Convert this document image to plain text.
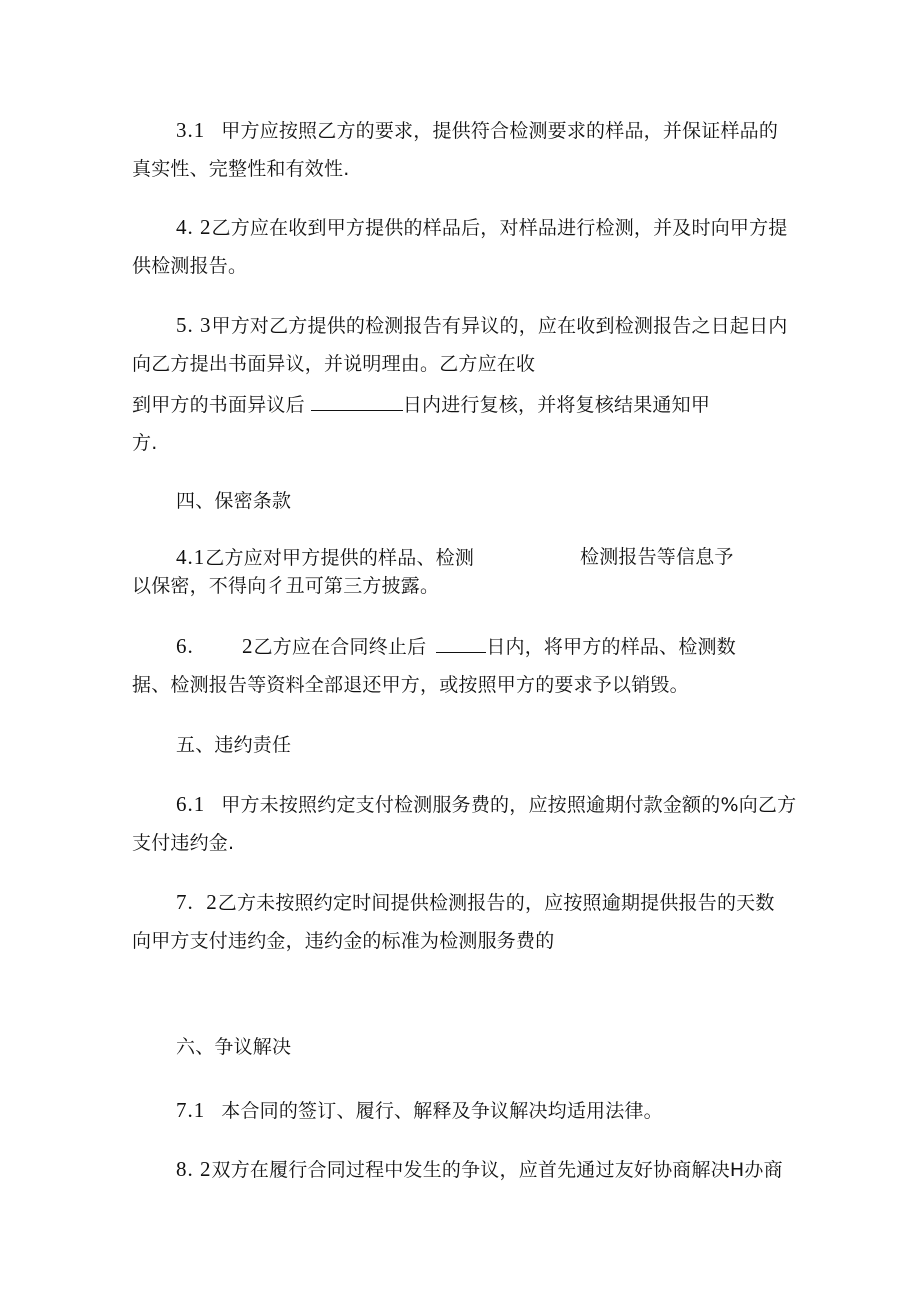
3.1 甲方应按照乙方的要求，提供符合检测要求的样品，并保证样品的
真实性、完整性和有效性.
4. 2乙方应在收到甲方提供的样品后，对样品进行检测，并及时向甲方提
供检测报告。
5. 3甲方对乙方提供的检测报告有异议的，应在收到检测报告之日起日内
向乙方提出书面异议，并说明理由。乙方应在收
到甲方的书面异议后	日内进行复核，并将复核结果通知甲
方.
四、保密条款
4.1乙方应对甲方提供的样品、检测	检测报告等信息予
以保密，不得向彳丑可第三方披露。
6. 2乙方应在合同终止后	日内，将甲方的样品、检测数
据、检测报告等资料全部退还甲方，或按照甲方的要求予以销毁。
五、违约责任
6.1 甲方未按照约定支付检测服务费的，应按照逾期付款金额的%向乙方
支付违约金.
7.  2乙方未按照约定时间提供检测报告的，应按照逾期提供报告的天数
向甲方支付违约金，违约金的标准为检测服务费的
六、争议解决
7.1 本合同的签订、履行、解释及争议解决均适用法律。
8. 2双方在履行合同过程中发生的争议，应首先通过友好协商解决H办商
